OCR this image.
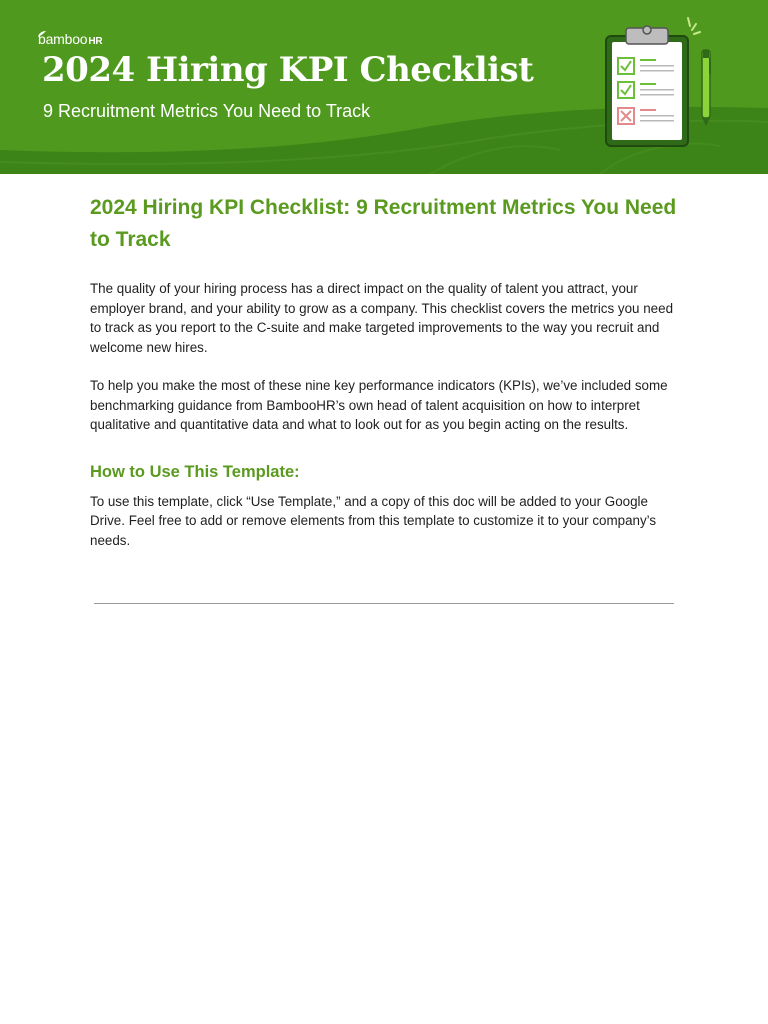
bamboo HR
2024 Hiring KPI Checklist

9 Recruitment Metrics You Need to Track

2024 Hiring KPI Checklist: 9 Recruitment Metrics You Need to Track

The quality of your hiring process has a direct impact on the quality of talent you attract, your employer brand, and your ability to grow as a company. This checklist covers the metrics you need to track as you report to the C-suite and make targeted improvements to the way you recruit and welcome new hires.

To help you make the most of these nine key performance indicators (KPIs), we’ve included some benchmarking guidance from BambooHR’s own head of talent acquisition on how to interpret qualitative and quantitative data and what to look out for as you begin acting on the results.

How to Use This Template:

To use this template, click “Use Template,” and a copy of this doc will be added to your Google Drive. Feel free to add or remove elements from this template to customize it to your company’s needs.
